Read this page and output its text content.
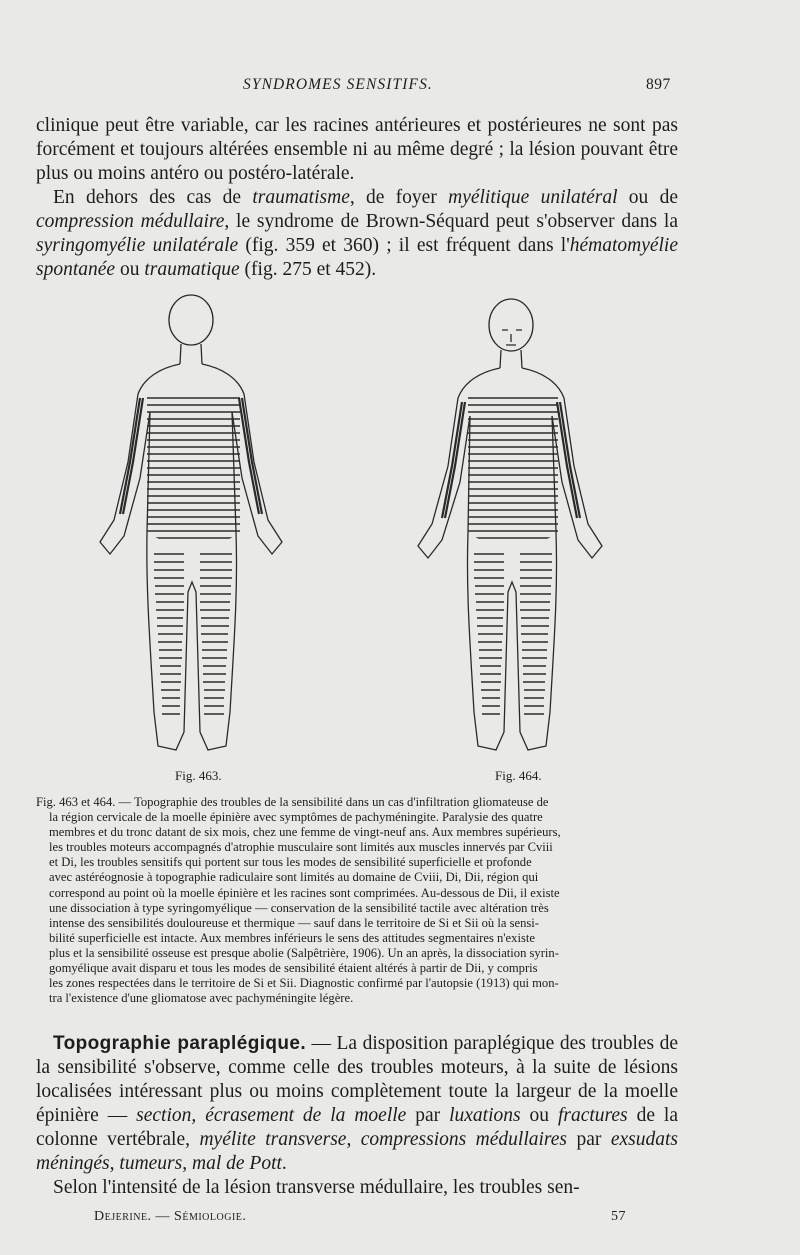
SYNDROMES SENSITIFS.	897

clinique peut être variable, car les racines antérieures et postérieures ne sont pas forcément et toujours altérées ensemble ni au même degré ; la lésion pouvant être plus ou moins antéro ou postéro-latérale.

En dehors des cas de traumatisme, de foyer myélitique unilatéral ou de compression médullaire, le syndrome de Brown-Séquard peut s'observer dans la syringomyélie unilatérale (fig. 359 et 360) ; il est fréquent dans l'hématomyélie spontanée ou traumatique (fig. 275 et 452).

Fig. 463.	Fig. 464.
Fig. 463 et 464. — Topographie des troubles de la sensibilité dans un cas d'infiltration gliomateuse de
la région cervicale de la moelle épinière avec symptômes de pachyméningite. Paralysie des quatre
membres et du tronc datant de six mois, chez une femme de vingt-neuf ans. Aux membres supérieurs,
les troubles moteurs accompagnés d'atrophie musculaire sont limités aux muscles innervés par Cviii
et Di, les troubles sensitifs qui portent sur tous les modes de sensibilité superficielle et profonde
avec astéréognosie à topographie radiculaire sont limités au domaine de Cviii, Di, Dii, région qui
correspond au point où la moelle épinière et les racines sont comprimées. Au-dessous de Dii, il existe
une dissociation à type syringomyélique — conservation de la sensibilité tactile avec altération très
intense des sensibilités douloureuse et thermique — sauf dans le territoire de Si et Sii où la sensi-
bilité superficielle est intacte. Aux membres inférieurs le sens des attitudes segmentaires n'existe
plus et la sensibilité osseuse est presque abolie (Salpêtrière, 1906). Un an après, la dissociation syrin-
gomyélique avait disparu et tous les modes de sensibilité étaient altérés à partir de Dii, y compris
les zones respectées dans le territoire de Si et Sii. Diagnostic confirmé par l'autopsie (1913) qui mon-
tra l'existence d'une gliomatose avec pachyméningite légère.

Topographie paraplégique. — La disposition paraplégique des troubles de la sensibilité s'observe, comme celle des troubles moteurs, à la suite de lésions localisées intéressant plus ou moins complètement toute la largeur de la moelle épinière — section, écrasement de la moelle par luxations ou fractures de la colonne vertébrale, myélite transverse, compressions médullaires par exsudats méningés, tumeurs, mal de Pott.

Selon l'intensité de la lésion transverse médullaire, les troubles sen-

Dejerine. — Sémiologie.	57
